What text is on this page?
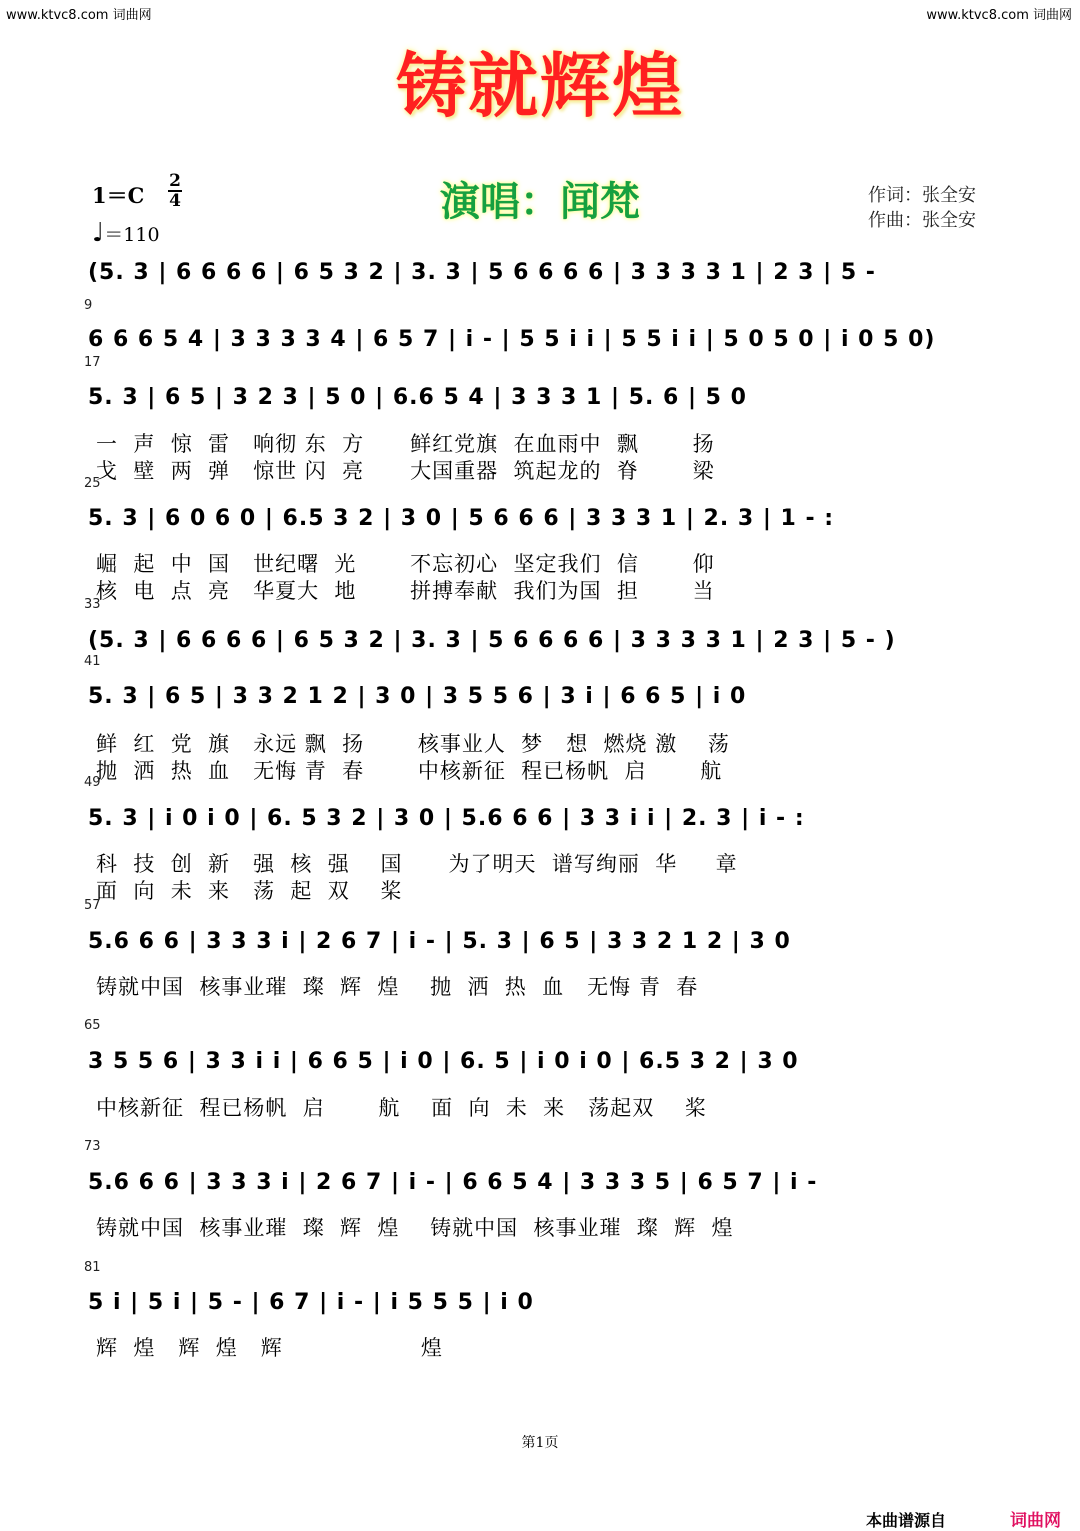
www.ktvc8.com 词曲网	www.ktvc8.com 词曲网
铸就辉煌
1＝C
2
4
♩＝110
演唱：闻梵	作词：张全安
作曲：张全安
(5. 3 | 6 6 6 6 | 6 5 3 2 | 3. 3 | 5 6 6 6 6 | 3 3 3 3 1 | 2 3 | 5 -
9
6 6 6 5 4 | 3 3 3 3 4 | 6 5 7 | i - | 5 5 i i | 5 5 i i | 5 0 5 0 | i 0 5 0)
17
5. 3 | 6 5 | 3 2 3 | 5 0 | 6.6 5 4 | 3 3 3 1 | 5. 6 | 5 0
一  声  惊  雷   响彻 东  方      鲜红党旗  在血雨中  飘       扬
戈  壁  两  弹   惊世 闪  亮      大国重器  筑起龙的  脊       梁
25
5. 3 | 6 0 6 0 | 6.5 3 2 | 3 0 | 5 6 6 6 | 3 3 3 1 | 2. 3 | 1 - :
崛  起  中  国   世纪曙  光       不忘初心  坚定我们  信       仰
核  电  点  亮   华夏大  地       拼搏奉献  我们为国  担       当
33
(5. 3 | 6 6 6 6 | 6 5 3 2 | 3. 3 | 5 6 6 6 6 | 3 3 3 3 1 | 2 3 | 5 - )
41
5. 3 | 6 5 | 3 3 2 1 2 | 3 0 | 3 5 5 6 | 3 i | 6 6 5 | i 0
鲜  红  党  旗   永远 飘  扬       核事业人  梦   想  燃烧 激    荡
抛  洒  热  血   无悔 青  春       中核新征  程已杨帆  启       航
49
5. 3 | i 0 i 0 | 6. 5 3 2 | 3 0 | 5.6 6 6 | 3 3 i i | 2. 3 | i - :
科  技  创  新   强  核  强    国      为了明天  谱写绚丽  华     章
面  向  未  来   荡  起  双    桨
57
5.6 6 6 | 3 3 3 i | 2 6 7 | i - | 5. 3 | 6 5 | 3 3 2 1 2 | 3 0
铸就中国  核事业璀  璨  辉  煌    抛  洒  热  血   无悔 青  春
65
3 5 5 6 | 3 3 i i | 6 6 5 | i 0 | 6. 5 | i 0 i 0 | 6.5 3 2 | 3 0
中核新征  程已杨帆  启       航    面  向  未  来   荡起双    桨
73
5.6 6 6 | 3 3 3 i | 2 6 7 | i - | 6 6 5 4 | 3 3 3 5 | 6 5 7 | i -
铸就中国  核事业璀  璨  辉  煌    铸就中国  核事业璀  璨  辉  煌
81
5 i | 5 i | 5 - | 6 7 | i - | i 5 5 5 | i 0
辉  煌   辉  煌   辉                  煌
第1页
本曲谱源自	词曲网
